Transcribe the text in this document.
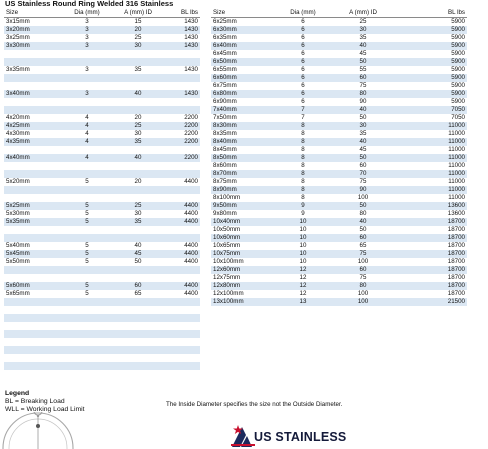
US Stainless Round Ring Welded 316 Stainless
Size	Dia (mm)	A (mm) ID	BL lbs
3x15mm	3	15	1430
3x20mm	3	20	1430
3x25mm	3	25	1430
3x30mm	3	30	1430

3x35mm	3	35	1430

3x40mm	3	40	1430

4x20mm	4	20	2200
4x25mm	4	25	2200
4x30mm	4	30	2200
4x35mm	4	35	2200

4x40mm	4	40	2200

5x20mm	5	20	4400

5x25mm	5	25	4400
5x30mm	5	30	4400
5x35mm	5	35	4400

5x40mm	5	40	4400
5x45mm	5	45	4400
5x50mm	5	50	4400

5x60mm	5	60	4400
5x65mm	5	65	4400

Size	Dia (mm)	A (mm) ID	BL lbs
6x25mm	6	25	5900
6x30mm	6	30	5900
6x35mm	6	35	5900
6x40mm	6	40	5900
6x45mm	6	45	5900
6x50mm	6	50	5900
6x55mm	6	55	5900
6x60mm	6	60	5900
6x75mm	6	75	5900
6x80mm	6	80	5900
6x90mm	6	90	5900
7x40mm	7	40	7050
7x50mm	7	50	7050
8x30mm	8	30	11000
8x35mm	8	35	11000
8x40mm	8	40	11000
8x45mm	8	45	11000
8x50mm	8	50	11000
8x60mm	8	60	11000
8x70mm	8	70	11000
8x75mm	8	75	11000
8x90mm	8	90	11000
8x100mm	8	100	11000
9x50mm	9	50	13600
9x80mm	9	80	13600
10x40mm	10	40	18700
10x50mm	10	50	18700
10x60mm	10	60	18700
10x65mm	10	65	18700
10x75mm	10	75	18700
10x100mm	10	100	18700
12x60mm	12	60	18700
12x75mm	12	75	18700
12x80mm	12	80	18700
12x100mm	12	100	18700
13x100mm	13	100	21500
Legend
BL = Breaking Load
WLL = Working Load Limit
The Inside Diameter specifies the size not the Outside Diameter.
US STAINLESS
